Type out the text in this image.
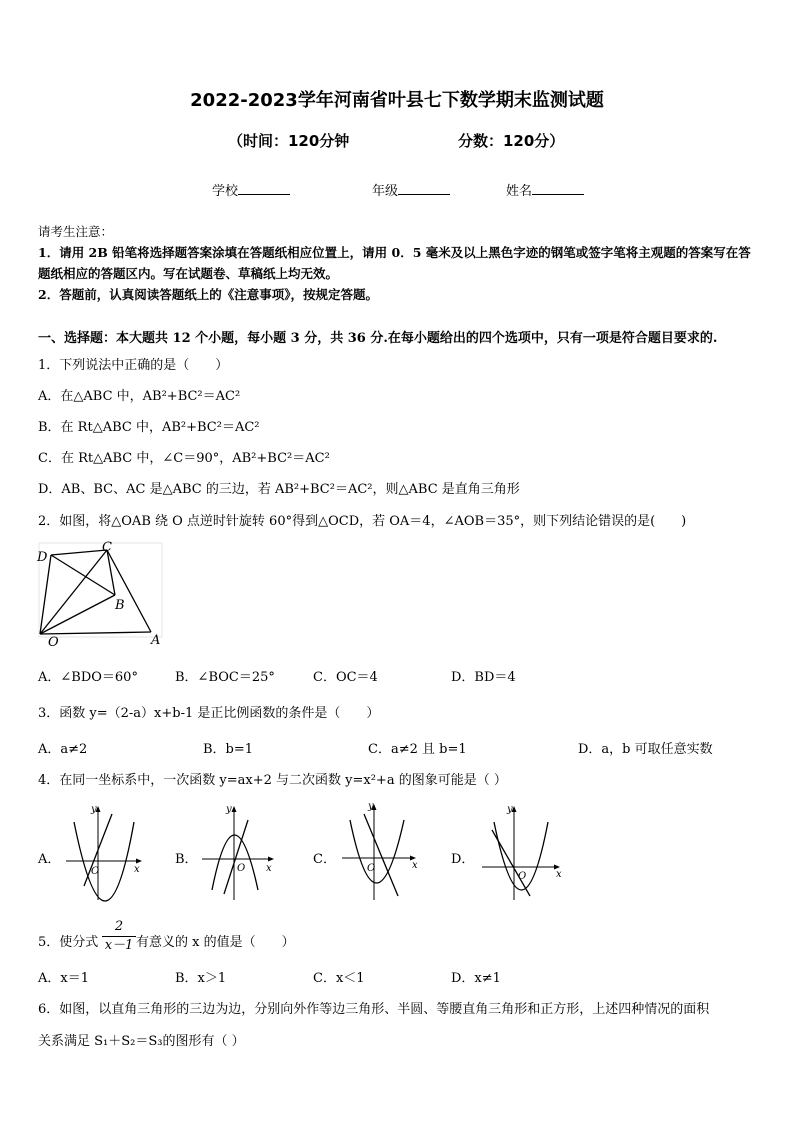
2022-2023学年河南省叶县七下数学期末监测试题
（时间：120分钟	分数：120分）
学校	年级	姓名
请考生注意：
1．请用 2B 铅笔将选择题答案涂填在答题纸相应位置上，请用 0．5 毫米及以上黑色字迹的钢笔或签字笔将主观题的答案写在答题纸相应的答题区内。写在试题卷、草稿纸上均无效。
2．答题前，认真阅读答题纸上的《注意事项》，按规定答题。
一、选择题：本大题共 12 个小题，每小题 3 分，共 36 分.在每小题给出的四个选项中，只有一项是符合题目要求的.
1．下列说法中正确的是（　　）
A．在△ABC 中，AB²+BC²＝AC²
B．在 Rt△ABC 中，AB²+BC²＝AC²
C．在 Rt△ABC 中，∠C＝90°，AB²+BC²＝AC²
D．AB、BC、AC 是△ABC 的三边，若 AB²+BC²＝AC²，则△ABC 是直角三角形
2．如图，将△OAB 绕 O 点逆时针旋转 60°得到△OCD，若 OA＝4，∠AOB＝35°，则下列结论错误的是(　　)
D
C
B
O	A
A．∠BDO＝60°	B．∠BOC＝25°	C．OC＝4	D．BD＝4
3．函数 y=（2-a）x+b-1 是正比例函数的条件是（　　）
A．a≠2	B．b=1	C．a≠2 且 b=1	D．a，b 可取任意实数
4．在同一坐标系中，一次函数 y=ax+2 与二次函数 y=x²+a 的图象可能是（ ）
A．
y
x
O
B．
y
x
O
C．
y
x
O
D．
y
x
O
5．使分式 $\frac{2}{x-1}$ 有意义的 x 的值是（　　）
A．x＝1	B．x＞1	C．x＜1	D．x≠1
6．如图，以直角三角形的三边为边，分别向外作等边三角形、半圆、等腰直角三角形和正方形，上述四种情况的面积
关系满足 S₁＋S₂＝S₃的图形有（ ）
